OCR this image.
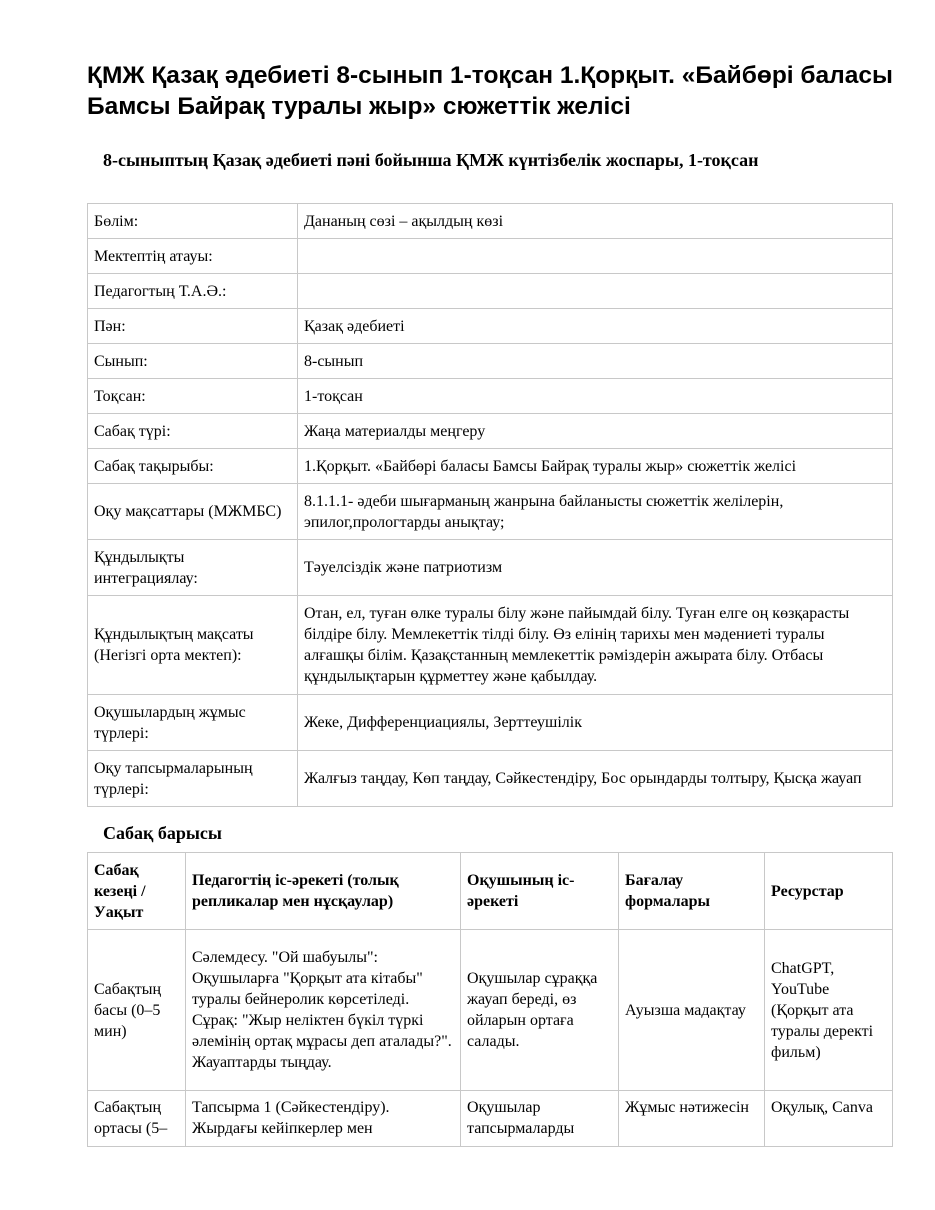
ҚМЖ Қазақ әдебиеті 8-сынып 1-тоқсан 1.Қорқыт. «Байбөрі баласы Бамсы Байрақ туралы жыр» сюжеттік желісі
8-сыныптың Қазақ әдебиеті пәні бойынша ҚМЖ күнтізбелік жоспары, 1-тоқсан
Бөлім:	Дананың сөзі – ақылдың көзі
Мектептің атауы:	
Педагогтың Т.А.Ә.:	
Пән:	Қазақ әдебиеті
Сынып:	8-сынып
Тоқсан:	1-тоқсан
Сабақ түрі:	Жаңа материалды меңгеру
Сабақ тақырыбы:	1.Қорқыт. «Байбөрі баласы Бамсы Байрақ туралы жыр» сюжеттік желісі
Оқу мақсаттары (МЖМБС)	8.1.1.1- әдеби шығарманың жанрына байланысты сюжеттік желілерін, эпилог,прологтарды анықтау;
Құндылықты интеграциялау:	Тәуелсіздік және патриотизм
Құндылықтың мақсаты (Негізгі орта мектеп):	Отан, ел, туған өлке туралы білу және пайымдай білу. Туған елге оң көзқарасты білдіре білу. Мемлекеттік тілді білу. Өз елінің тарихы мен мәдениеті туралы алғашқы білім. Қазақстанның мемлекеттік рәміздерін ажырата білу. Отбасы құндылықтарын құрметтеу және қабылдау.
Оқушылардың жұмыс түрлері:	Жеке, Дифференциациялы, Зерттеушілік
Оқу тапсырмаларының түрлері:	Жалғыз таңдау, Көп таңдау, Сәйкестендіру, Бос орындарды толтыру, Қысқа жауап
Сабақ барысы
Сабақ кезеңі / Уақыт	Педагогтің іс-әрекеті (толық репликалар мен нұсқаулар)	Оқушының іс-әрекеті	Бағалау формалары	Ресурстар
Сабақтың басы (0–5 мин)	Сәлемдесу. "Ой шабуылы": Оқушыларға "Қорқыт ата кітабы" туралы бейнеролик көрсетіледі. Сұрақ: "Жыр неліктен бүкіл түркі әлемінің ортақ мұрасы деп аталады?". Жауаптарды тыңдау.	Оқушылар сұраққа жауап береді, өз ойларын ортаға салады.	Ауызша мадақтау	ChatGPT, YouTube (Қорқыт ата туралы деректі фильм)
Сабақтың ортасы (5–	Тапсырма 1 (Сәйкестендіру). Жырдағы кейіпкерлер мен	Оқушылар тапсырмаларды	Жұмыс нәтижесін	Оқулық, Canva
